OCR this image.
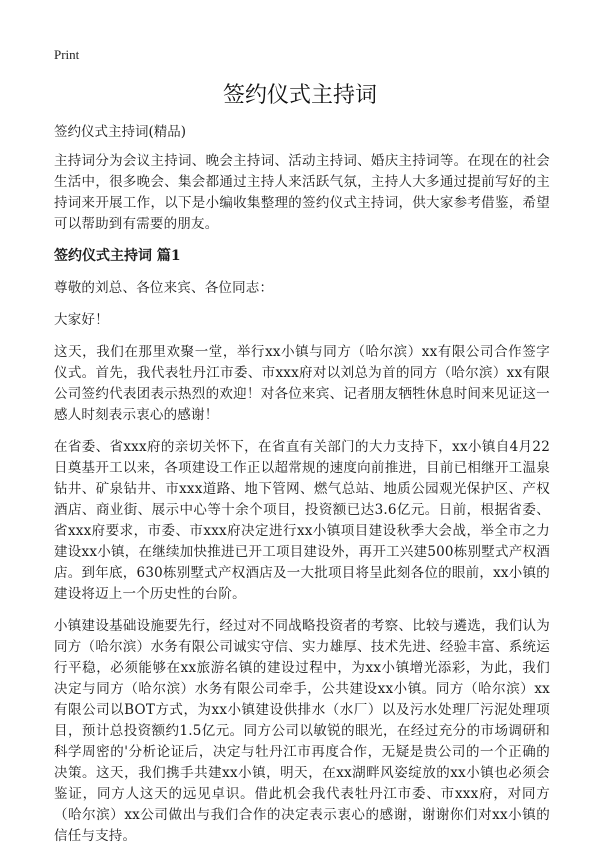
Print
签约仪式主持词

签约仪式主持词(精品)

主持词分为会议主持词、晚会主持词、活动主持词、婚庆主持词等。在现在的社会生活中，很多晚会、集会都通过主持人来活跃气氛，主持人大多通过提前写好的主持词来开展工作，以下是小编收集整理的签约仪式主持词，供大家参考借鉴，希望可以帮助到有需要的朋友。

签约仪式主持词 篇1

尊敬的刘总、各位来宾、各位同志：

大家好！

这天，我们在那里欢聚一堂，举行xx小镇与同方（哈尔滨）xx有限公司合作签字仪式。首先，我代表牡丹江市委、市xxx府对以刘总为首的同方（哈尔滨）xx有限公司签约代表团表示热烈的欢迎！对各位来宾、记者朋友牺牲休息时间来见证这一感人时刻表示衷心的感谢！

在省委、省xxx府的亲切关怀下，在省直有关部门的大力支持下，xx小镇自4月22日奠基开工以来，各项建设工作正以超常规的速度向前推进，目前已相继开工温泉钻井、矿泉钻井、市xxx道路、地下管网、燃气总站、地质公园观光保护区、产权酒店、商业街、展示中心等十余个项目，投资额已达3.6亿元。日前，根据省委、省xxx府要求，市委、市xxx府决定进行xx小镇项目建设秋季大会战，举全市之力建设xx小镇，在继续加快推进已开工项目建设外，再开工兴建500栋别墅式产权酒店。到年底，630栋别墅式产权酒店及一大批项目将呈此刻各位的眼前，xx小镇的建设将迈上一个历史性的台阶。

小镇建设基础设施要先行，经过对不同战略投资者的考察、比较与遴选，我们认为同方（哈尔滨）水务有限公司诚实守信、实力雄厚、技术先进、经验丰富、系统运行平稳，必须能够在xx旅游名镇的建设过程中，为xx小镇增光添彩，为此，我们决定与同方（哈尔滨）水务有限公司牵手，公共建设xx小镇。同方（哈尔滨）xx有限公司以BOT方式，为xx小镇建设供排水（水厂）以及污水处理厂污泥处理项目，预计总投资额约1.5亿元。同方公司以敏锐的眼光，在经过充分的市场调研和科学周密的'分析论证后，决定与牡丹江市再度合作，无疑是贵公司的一个正确的决策。这天，我们携手共建xx小镇，明天，在xx湖畔风姿绽放的xx小镇也必须会鉴证，同方人这天的远见卓识。借此机会我代表牡丹江市委、市xxx府，对同方（哈尔滨）xx公司做出与我们合作的决定表示衷心的感谢，谢谢你们对xx小镇的信任与支持。
